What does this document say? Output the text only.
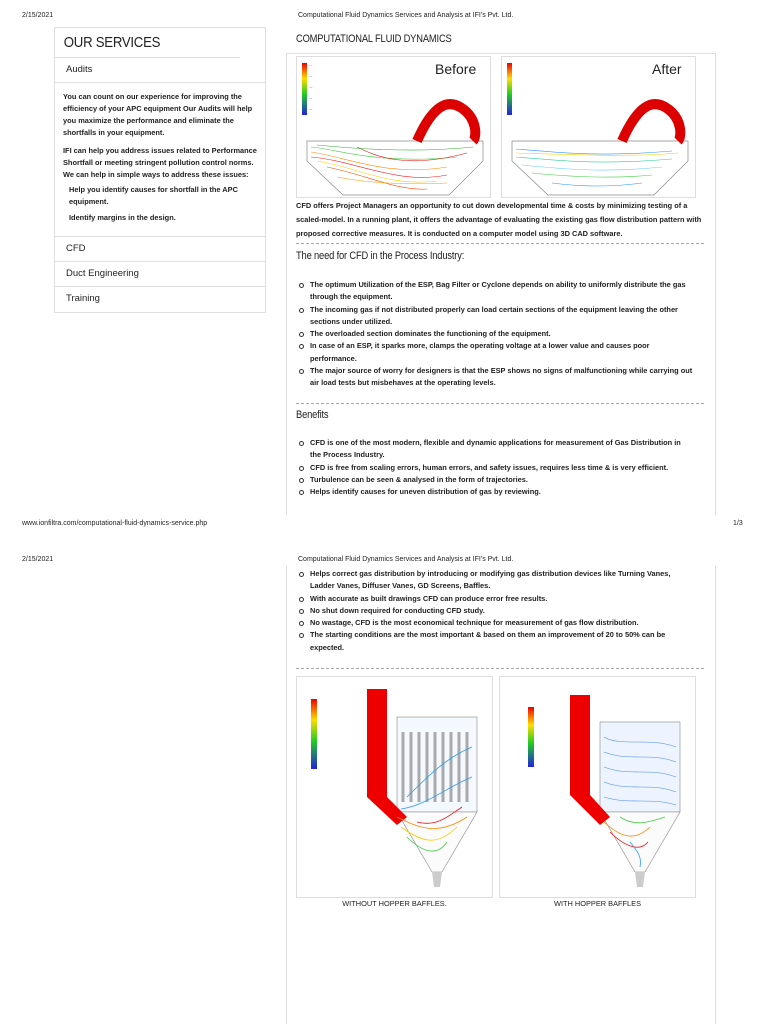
2/15/2021	Computational Fluid Dynamics Services and Analysis at IFI's Pvt. Ltd.
OUR SERVICES
Audits

You can count on our experience for improving the efficiency of your APC equipment Our Audits will help you maximize the performance and eliminate the shortfalls in your equipment.

IFI can help you address issues related to Performance Shortfall or meeting stringent pollution control norms. We can help in simple ways to address these issues:

Help you identify causes for shortfall in the APC equipment.

Identify margins in the design.

CFD
Duct Engineering
Training
COMPUTATIONAL FLUID DYNAMICS
—
—
—
—
—
Before	After
CFD offers Project Managers an opportunity to cut down developmental time & costs by minimizing testing of a scaled-model. In a running plant, it offers the advantage of evaluating the existing gas flow distribution pattern with proposed corrective measures. It is conducted on a computer model using 3D CAD software.
The need for CFD in the Process Industry:
The optimum Utilization of the ESP, Bag Filter or Cyclone depends on ability to uniformly distribute the gas through the equipment.
The incoming gas if not distributed properly can load certain sections of the equipment leaving the other sections under utilized.
The overloaded section dominates the functioning of the equipment.
In case of an ESP, it sparks more, clamps the operating voltage at a lower value and causes poor performance.
The major source of worry for designers is that the ESP shows no signs of malfunctioning while carrying out air load tests but misbehaves at the operating levels.
Benefits
CFD is one of the most modern, flexible and dynamic applications for measurement of Gas Distribution in the Process Industry.
CFD is free from scaling errors, human errors, and safety issues, requires less time & is very efficient.
Turbulence can be seen & analysed in the form of trajectories.
Helps identify causes for uneven distribution of gas by reviewing.
www.ionfiltra.com/computational-fluid-dynamics-service.php	1/3
2/15/2021	Computational Fluid Dynamics Services and Analysis at IFI's Pvt. Ltd.
Helps correct gas distribution by introducing or modifying gas distribution devices like Turning Vanes, Ladder Vanes, Diffuser Vanes, GD Screens, Baffles.
With accurate as built drawings CFD can produce error free results.
No shut down required for conducting CFD study.
No wastage, CFD is the most economical technique for measurement of gas flow distribution.
The starting conditions are the most important & based on them an improvement of 20 to 50% can be expected.
WITHOUT HOPPER BAFFLES.	WITH HOPPER BAFFLES
